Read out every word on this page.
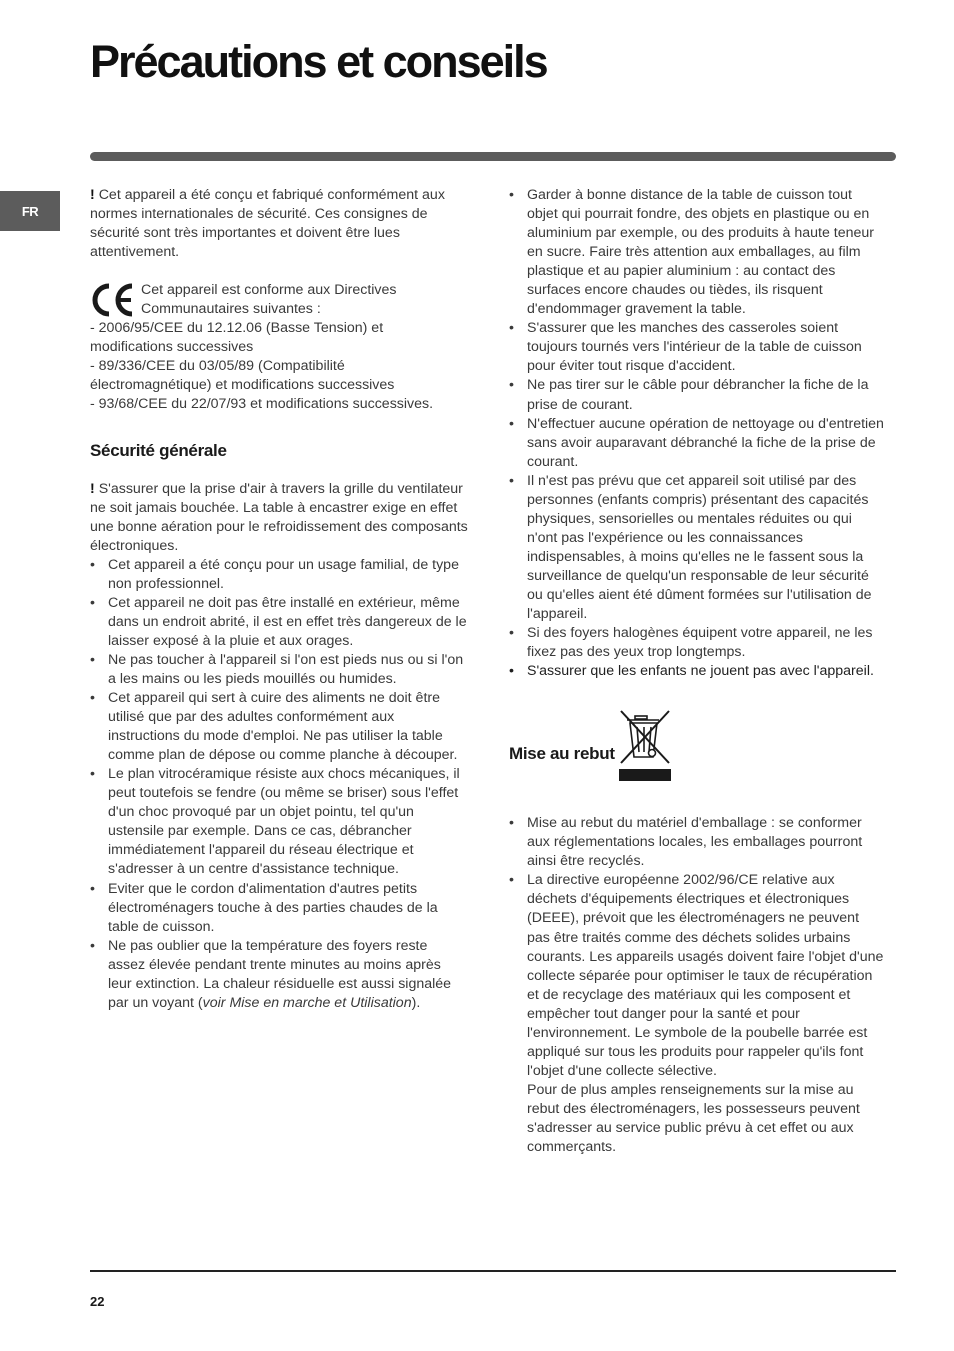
Précautions et conseils
FR

! Cet appareil a été conçu et fabriqué conformément aux normes internationales de sécurité. Ces consignes de sécurité sont très importantes et doivent être lues attentivement.

Cet appareil est conforme aux Directives Communautaires suivantes :

- 2006/95/CEE du 12.12.06 (Basse Tension) et modifications successives

- 89/336/CEE du 03/05/89 (Compatibilité électromagnétique) et modifications successives

- 93/68/CEE du 22/07/93 et modifications successives.

Sécurité générale

! S'assurer que la prise d'air à travers la grille du ventilateur ne soit jamais bouchée. La table à encastrer exige en effet une bonne aération pour le refroidissement des composants électroniques.

• Cet appareil a été conçu pour un usage familial, de type non professionnel.
• Cet appareil ne doit pas être installé en extérieur, même dans un endroit abrité, il est en effet très dangereux de le laisser exposé à la pluie et aux orages.
• Ne pas toucher à l'appareil si l'on est pieds nus ou si l'on a les mains ou les pieds mouillés ou humides.
• Cet appareil qui sert à cuire des aliments ne doit être utilisé que par des adultes conformément aux instructions du mode d'emploi. Ne pas utiliser la table comme plan de dépose ou comme planche à découper.
• Le plan vitrocéramique résiste aux chocs mécaniques, il peut toutefois se fendre (ou même se briser) sous l'effet d'un choc provoqué par un objet pointu, tel qu'un ustensile par exemple. Dans ce cas, débrancher immédiatement l'appareil du réseau électrique et s'adresser à un centre d'assistance technique.
• Eviter que le cordon d'alimentation d'autres petits électroménagers touche à des parties chaudes de la table de cuisson.
• Ne pas oublier que la température des foyers reste assez élevée pendant trente minutes au moins après leur extinction. La chaleur résiduelle est aussi signalée par un voyant (voir Mise en marche et Utilisation).
• Garder à bonne distance de la table de cuisson tout objet qui pourrait fondre, des objets en plastique ou en aluminium par exemple, ou des produits à haute teneur en sucre. Faire très attention aux emballages, au film plastique et au papier aluminium : au contact des surfaces encore chaudes ou tièdes, ils risquent d'endommager gravement la table.
• S'assurer que les manches des casseroles soient toujours tournés vers l'intérieur de la table de cuisson pour éviter tout risque d'accident.
• Ne pas tirer sur le câble pour débrancher la fiche de la prise de courant.
• N'effectuer aucune opération de nettoyage ou d'entretien sans avoir auparavant débranché la fiche de la prise de courant.
• Il n'est pas prévu que cet appareil soit utilisé par des personnes (enfants compris) présentant des capacités physiques, sensorielles ou mentales réduites ou qui n'ont pas l'expérience ou les connaissances indispensables, à moins qu'elles ne le fassent sous la surveillance de quelqu'un responsable de leur sécurité ou qu'elles aient été dûment formées sur l'utilisation de l'appareil.
• Si des foyers halogènes équipent votre appareil, ne les fixez pas des yeux trop longtemps.
• S'assurer que les enfants ne jouent pas avec l'appareil.
Mise au rebut
• Mise au rebut du matériel d'emballage : se conformer aux réglementations locales, les emballages pourront ainsi être recyclés.
• La directive européenne 2002/96/CE relative aux déchets d'équipements électriques et électroniques (DEEE), prévoit que les électroménagers ne peuvent pas être traités comme des déchets solides urbains courants. Les appareils usagés doivent faire l'objet d'une collecte séparée pour optimiser le taux de récupération et de recyclage des matériaux qui les composent et empêcher tout danger pour la santé et pour l'environnement. Le symbole de la poubelle barrée est appliqué sur tous les produits pour rappeler qu'ils font l'objet d'une collecte sélective.

Pour de plus amples renseignements sur la mise au rebut des électroménagers, les possesseurs peuvent s'adresser au service public prévu à cet effet ou aux commerçants.

22
